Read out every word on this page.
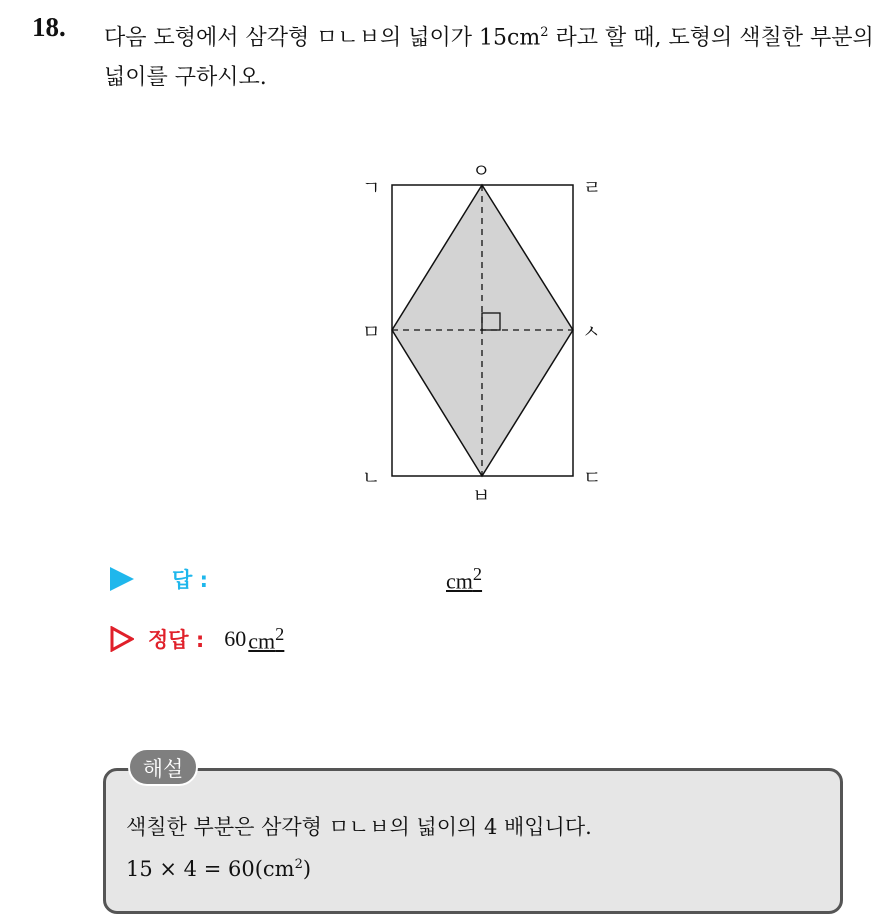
18. 다음 도형에서 삼각형 ㅁㄴㅂ의 넓이가 $15cm^2$ 라고 할 때, 도형의 색칠한 부분의 넓이를 구하시오.
ㄱ
ㅇ
ㄹ
ㅁ	ㅅ
ㄴ
ㅂ
ㄷ
답 :	$cm^2$
정답 : 60 $cm^2$
해설
색칠한 부분은 삼각형 ㅁㄴㅂ의 넓이의 4 배입니다.
$15 \times 4 = 60(cm^2)$
